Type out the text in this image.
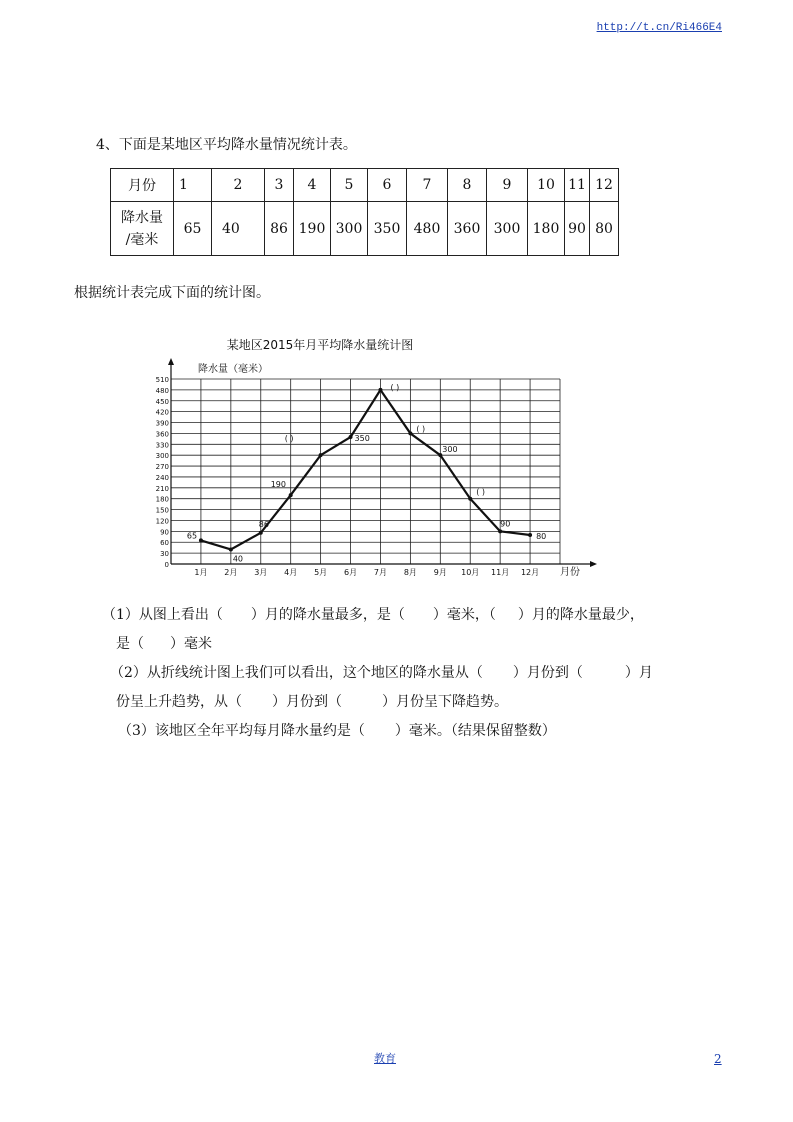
http://t.cn/Ri466E4
4、下面是某地区平均降水量情况统计表。
月份	1	2	3	4	5	6	7	8	9	10	11	12

降水量
/毫米	65	40	86	190	300	350	480	360	300	180	90	80
根据统计表完成下面的统计图。
某地区2015年月平均降水量统计图
降水量（毫米）
月份
0
30
60
90
120
150
180
210
240
270
300
330
360
390
420
450
480
510
1月 2月 3月 4月 5月 6月 7月 8月 9月 10月 11月 12月
65
40
86
190
350
( )
( )
300
( )
90
80
( )
（1）从图上看出（ ）月的降水量最多，是（ ）毫米，（ ）月的降水量最少，
是（ ）毫米
（2）从折线统计图上我们可以看出，这个地区的降水量从（ ）月份到（	）月
份呈上升趋势，从（ ）月份到（	）月份呈下降趋势。
（3）该地区全年平均每月降水量约是（ ）毫米。（结果保留整数）
教育	2
